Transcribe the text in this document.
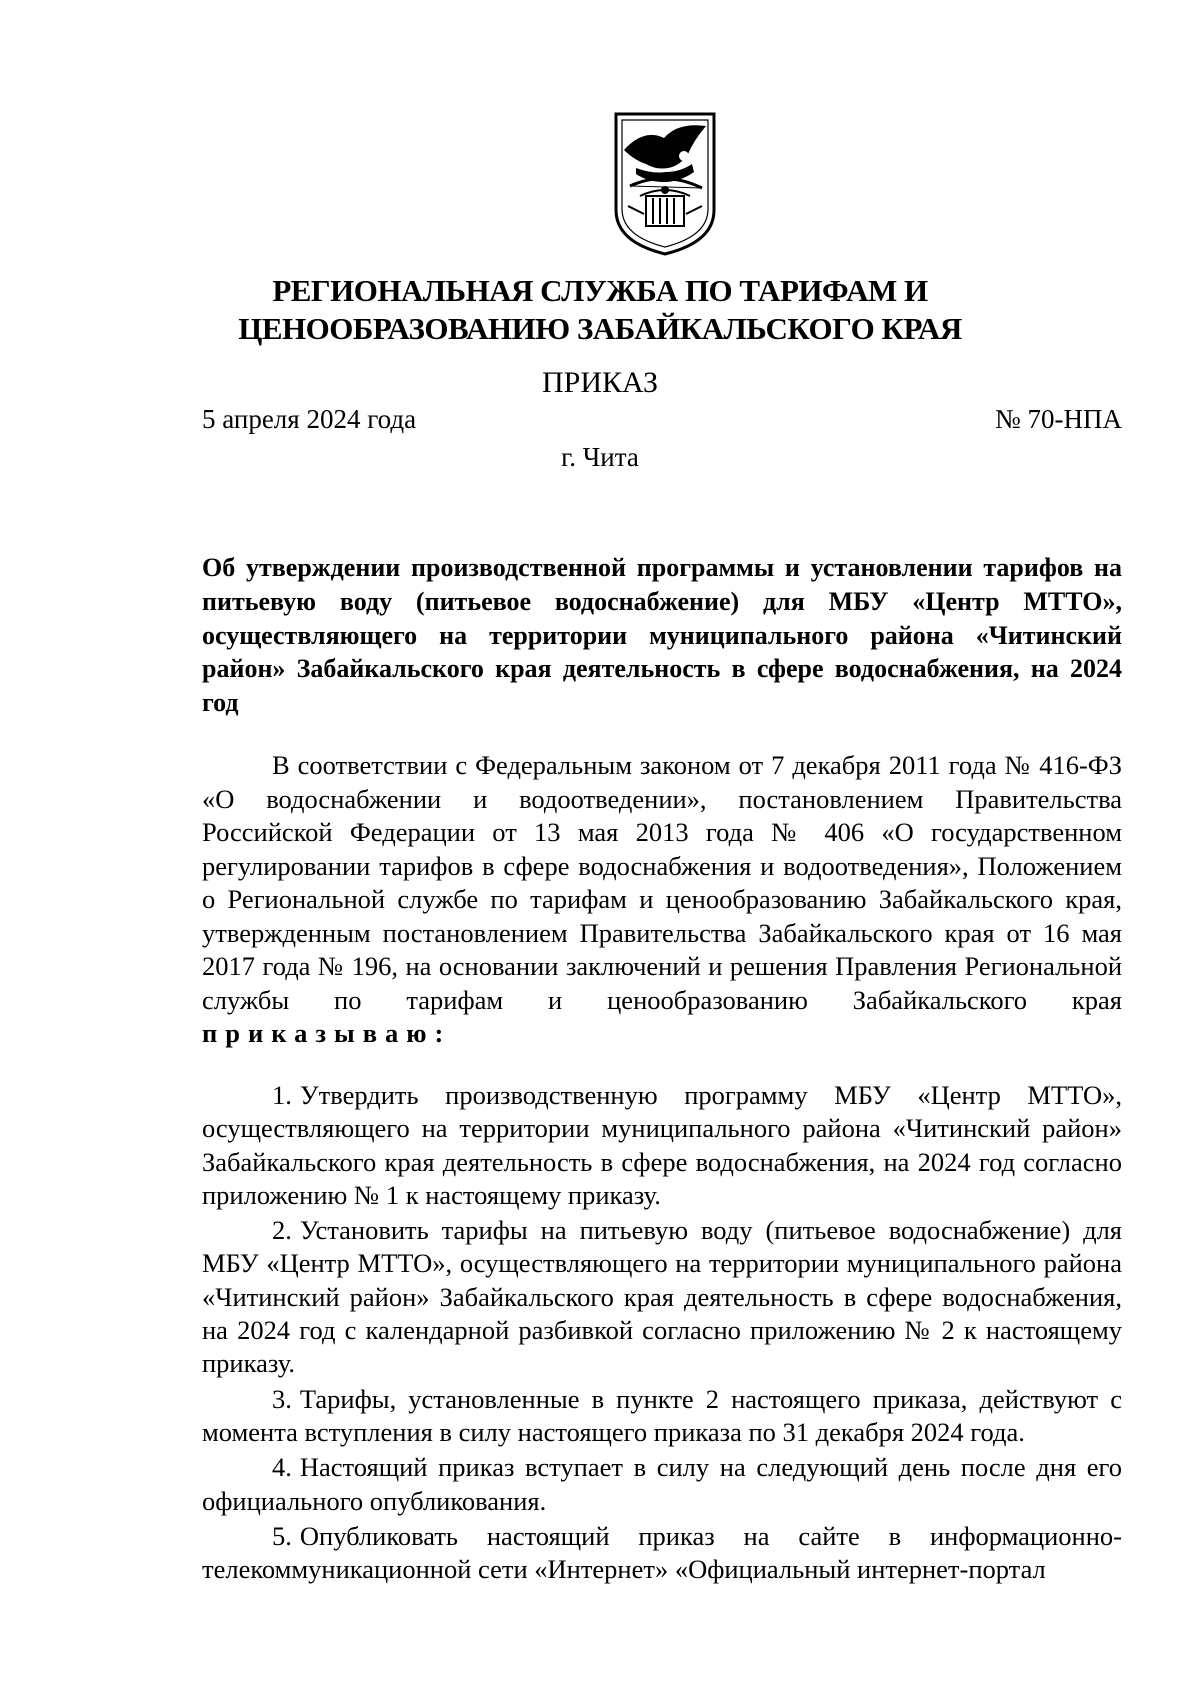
РЕГИОНАЛЬНАЯ СЛУЖБА ПО ТАРИФАМ И
ЦЕНООБРАЗОВАНИЮ ЗАБАЙКАЛЬСКОГО КРАЯ
ПРИКАЗ
5 апреля 2024 года	№ 70-НПА
г. Чита
Об утверждении производственной программы и установлении тарифов на питьевую воду (питьевое водоснабжение) для МБУ «Центр МТТО», осуществляющего на территории муниципального района «Читинский район» Забайкальского края деятельность в сфере водоснабжения, на 2024 год
В соответствии с Федеральным законом от 7 декабря 2011 года № 416-ФЗ «О водоснабжении и водоотведении», постановлением Правительства Российской Федерации от 13 мая 2013 года № 406 «О государственном регулировании тарифов в сфере водоснабжения и водоотведения», Положением о Региональной службе по тарифам и ценообразованию Забайкальского края, утвержденным постановлением Правительства Забайкальского края от 16 мая 2017 года № 196, на основании заключений и решения Правления Региональной службы по тарифам и ценообразованию Забайкальского края приказываю:

1. Утвердить производственную программу МБУ «Центр МТТО», осуществляющего на территории муниципального района «Читинский район» Забайкальского края деятельность в сфере водоснабжения, на 2024 год согласно приложению № 1 к настоящему приказу.

2. Установить тарифы на питьевую воду (питьевое водоснабжение) для МБУ «Центр МТТО», осуществляющего на территории муниципального района «Читинский район» Забайкальского края деятельность в сфере водоснабжения, на 2024 год с календарной разбивкой согласно приложению № 2 к настоящему приказу.

3. Тарифы, установленные в пункте 2 настоящего приказа, действуют с момента вступления в силу настоящего приказа по 31 декабря 2024 года.

4. Настоящий приказ вступает в силу на следующий день после дня его официального опубликования.

5. Опубликовать настоящий приказ на сайте в информационно-телекоммуникационной сети «Интернет» «Официальный интернет-портал
